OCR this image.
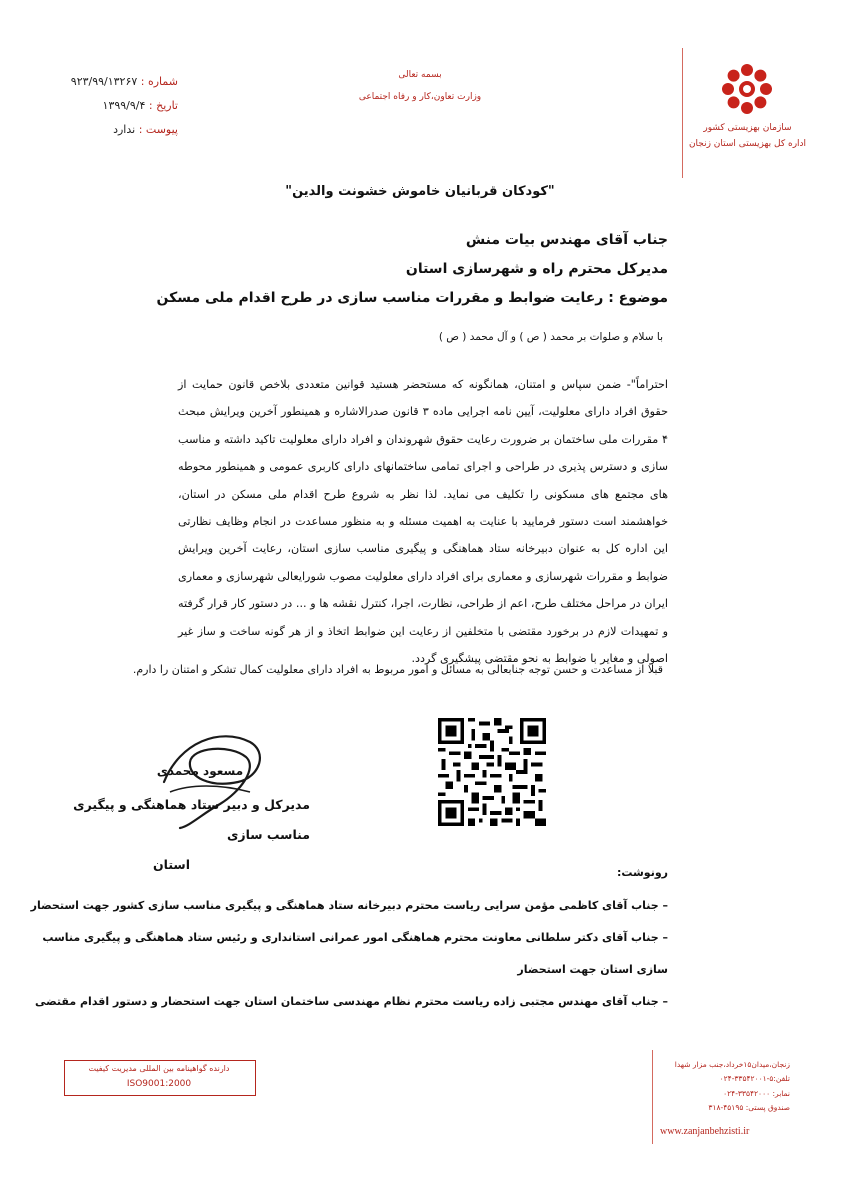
شماره : ۹۲۳/۹۹/۱۳۲۶۷
تاریخ : ۱۳۹۹/۹/۴
پیوست : ندارد
بسمه تعالی
وزارت تعاون،کار و رفاه اجتماعی
سازمان بهزیستی کشور
اداره کل بهزیستی استان زنجان
"کودکان قربانیان خاموش خشونت والدین"
جناب آقای مهندس بیات منش
مدیرکل محترم راه و شهرسازی استان
موضوع : رعایت ضوابط و مقررات مناسب سازی در طرح اقدام ملی مسکن
با سلام و صلوات بر محمد ( ص ) و آل محمد ( ص )
احتراماً"- ضمن سپاس و امتنان، همانگونه که مستحضر هستید قوانین متعددی بلاخص قانون حمایت از حقوق افراد دارای معلولیت، آیین نامه اجرایی ماده ۳ قانون صدرالاشاره و همینطور آخرین ویرایش مبحث ۴ مقررات ملی ساختمان بر ضرورت رعایت حقوق شهروندان و افراد دارای معلولیت تاکید داشته و مناسب سازی و دسترس پذیری در طراحی و اجرای تمامی ساختمانهای دارای کاربری عمومی و همینطور محوطه های مجتمع های مسکونی را تکلیف می نماید. لذا نظر به شروع طرح اقدام ملی مسکن در استان، خواهشمند است دستور فرمایید با عنایت به اهمیت مسئله و به منظور مساعدت در انجام وظایف نظارتی این اداره کل به عنوان دبیرخانه ستاد هماهنگی و پیگیری مناسب سازی استان، رعایت آخرین ویرایش ضوابط و مقررات شهرسازی و معماری برای افراد دارای معلولیت مصوب شورایعالی شهرسازی و معماری ایران در مراحل مختلف طرح، اعم از طراحی، نظارت، اجرا، کنترل نقشه ها و ... در دستور کار قرار گرفته و تمهیدات لازم در برخورد مقتضی با متخلفین از رعایت این ضوابط اتخاذ و از هر گونه ساخت و ساز غیر اصولی و مغایر با ضوابط به نحو مقتضی پیشگیری گردد.
قبلا از مساعدت و حسن توجه جنابعالی به مسائل و امور مربوط به افراد دارای معلولیت کمال تشکر و امتنان را دارم.
مسعود محمدی
مدیرکل و دبیر ستاد هماهنگی و پیگیری مناسب سازی
استان
رونوشت:
– جناب آقای کاظمی مؤمن سرایی ریاست محترم دبیرخانه ستاد هماهنگی و پیگیری مناسب سازی کشور جهت استحضار
– جناب آقای دکتر سلطانی معاونت محترم هماهنگی امور عمرانی استانداری و رئیس ستاد هماهنگی و پیگیری مناسب سازی استان جهت استحضار
– جناب آقای مهندس مجتبی زاده ریاست محترم نظام مهندسی ساختمان استان جهت استحضار و دستور اقدام مقتضی
دارنده گواهینامه بین المللی مدیریت کیفیت
ISO9001:2000
زنجان،میدان۱۵خرداد،جنب مزار شهدا
تلفن:۵-۳۳۵۴۲۰۰۱-۰۲۴
نمابر: ۳۳۵۴۲۰۰۰-۰۲۴
صندوق پستی: ۴۵۱۹۵-۳۱۸
www.zanjanbehzisti.ir
